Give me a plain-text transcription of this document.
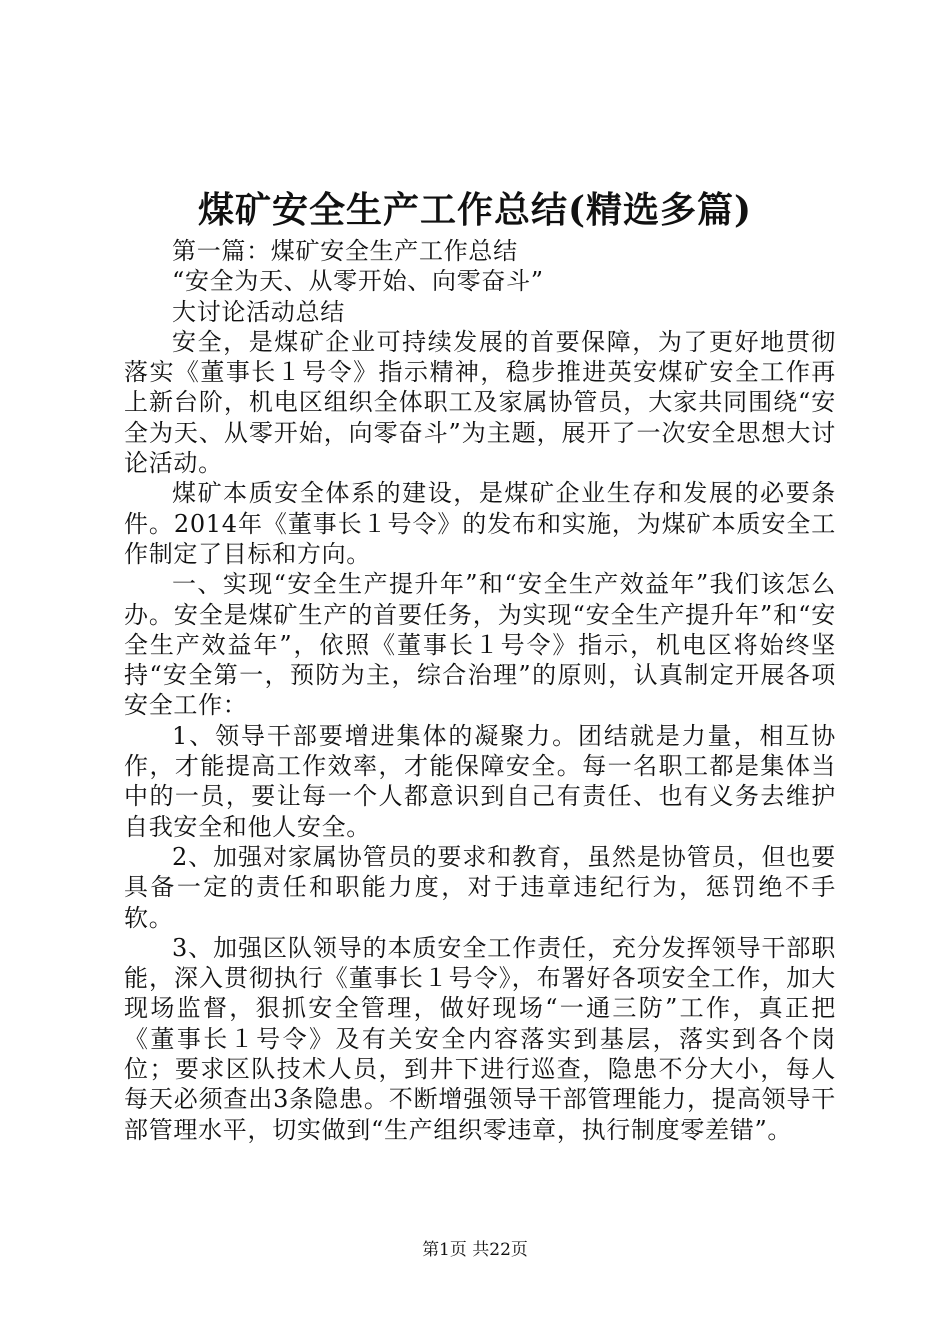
煤矿安全生产工作总结(精选多篇)

第一篇：煤矿安全生产工作总结

“安全为天、从零开始、向零奋斗”

大讨论活动总结

安全，是煤矿企业可持续发展的首要保障，为了更好地贯彻落实《董事长１号令》指示精神，稳步推进英安煤矿安全工作再上新台阶，机电区组织全体职工及家属协管员，大家共同围绕“安全为天、从零开始，向零奋斗”为主题，展开了一次安全思想大讨论活动。

煤矿本质安全体系的建设，是煤矿企业生存和发展的必要条件。2014年《董事长１号令》的发布和实施，为煤矿本质安全工作制定了目标和方向。

一、实现“安全生产提升年”和“安全生产效益年”我们该怎么办。安全是煤矿生产的首要任务，为实现“安全生产提升年”和“安全生产效益年”，依照《董事长１号令》指示，机电区将始终坚持“安全第一，预防为主，综合治理”的原则，认真制定开展各项安全工作：

1、领导干部要增进集体的凝聚力。团结就是力量，相互协作，才能提高工作效率，才能保障安全。每一名职工都是集体当中的一员，要让每一个人都意识到自己有责任、也有义务去维护自我安全和他人安全。

2、加强对家属协管员的要求和教育，虽然是协管员，但也要具备一定的责任和职能力度，对于违章违纪行为，惩罚绝不手软。

3、加强区队领导的本质安全工作责任，充分发挥领导干部职能，深入贯彻执行《董事长１号令》，布署好各项安全工作，加大现场监督，狠抓安全管理，做好现场“一通三防”工作，真正把《董事长１号令》及有关安全内容落实到基层，落实到各个岗位；要求区队技术人员，到井下进行巡查，隐患不分大小，每人每天必须查出3条隐患。不断增强领导干部管理能力，提高领导干部管理水平，切实做到“生产组织零违章，执行制度零差错”。

第1页 共22页
